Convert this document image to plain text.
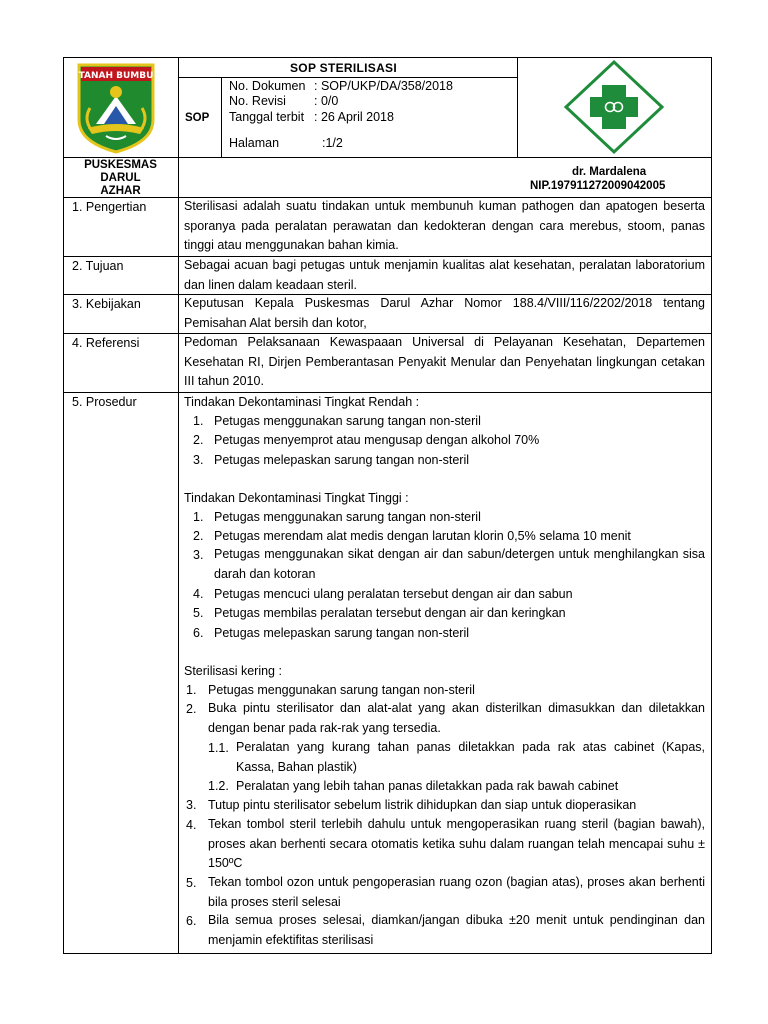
TANAH BUMBU
SOP STERILISASI
SOP
No. Dokumen : SOP/UKP/DA/358/2018
No. Revisi : 0/0
Tanggal terbit : 26 April 2018
Halaman	:1/2
PUSKESMAS
DARUL
AZHAR
dr. Mardalena
NIP.197911272009042005
1. Pengertian
2. Tujuan
3. Kebijakan
4. Referensi
5. Prosedur
Sterilisasi adalah suatu tindakan untuk membunuh kuman pathogen dan apatogen beserta sporanya pada peralatan perawatan dan kedokteran dengan cara merebus, stoom, panas tinggi atau menggunakan bahan kimia.
Sebagai acuan bagi petugas untuk menjamin kualitas alat kesehatan, peralatan laboratorium dan linen dalam keadaan steril.
Keputusan Kepala Puskesmas Darul Azhar Nomor 188.4/VIII/116/2202/2018 tentang Pemisahan Alat bersih dan kotor,
Pedoman Pelaksanaan Kewaspaaan Universal di Pelayanan Kesehatan, Departemen Kesehatan RI, Dirjen Pemberantasan Penyakit Menular dan Penyehatan lingkungan cetakan III tahun 2010.
Tindakan Dekontaminasi Tingkat Rendah :
1. Petugas menggunakan sarung tangan non-steril
2. Petugas menyemprot atau mengusap dengan alkohol 70%
3. Petugas melepaskan sarung tangan non-steril
Tindakan Dekontaminasi Tingkat Tinggi :
1. Petugas menggunakan sarung tangan non-steril
2. Petugas merendam alat medis dengan larutan klorin 0,5% selama 10 menit
3. Petugas menggunakan sikat dengan air dan sabun/detergen untuk menghilangkan sisa darah dan kotoran
4. Petugas mencuci ulang peralatan tersebut dengan air dan sabun
5. Petugas membilas peralatan tersebut dengan air dan keringkan
6. Petugas melepaskan sarung tangan non-steril
Sterilisasi kering :
1. Petugas menggunakan sarung tangan non-steril
2. Buka pintu sterilisator dan alat-alat yang akan disterilkan dimasukkan dan diletakkan dengan benar pada rak-rak yang tersedia.
1.1. Peralatan yang kurang tahan panas diletakkan pada rak atas cabinet (Kapas, Kassa, Bahan plastik)
1.2. Peralatan yang lebih tahan panas diletakkan pada rak bawah cabinet
3. Tutup pintu sterilisator sebelum listrik dihidupkan dan siap untuk dioperasikan
4. Tekan tombol steril terlebih dahulu untuk mengoperasikan ruang steril (bagian bawah), proses akan berhenti secara otomatis ketika suhu dalam ruangan telah mencapai suhu ± 150ºC
5. Tekan tombol ozon untuk pengoperasian ruang ozon (bagian atas), proses akan berhenti bila proses steril selesai
6. Bila semua proses selesai, diamkan/jangan dibuka ±20 menit untuk pendinginan dan menjamin efektifitas sterilisasi
